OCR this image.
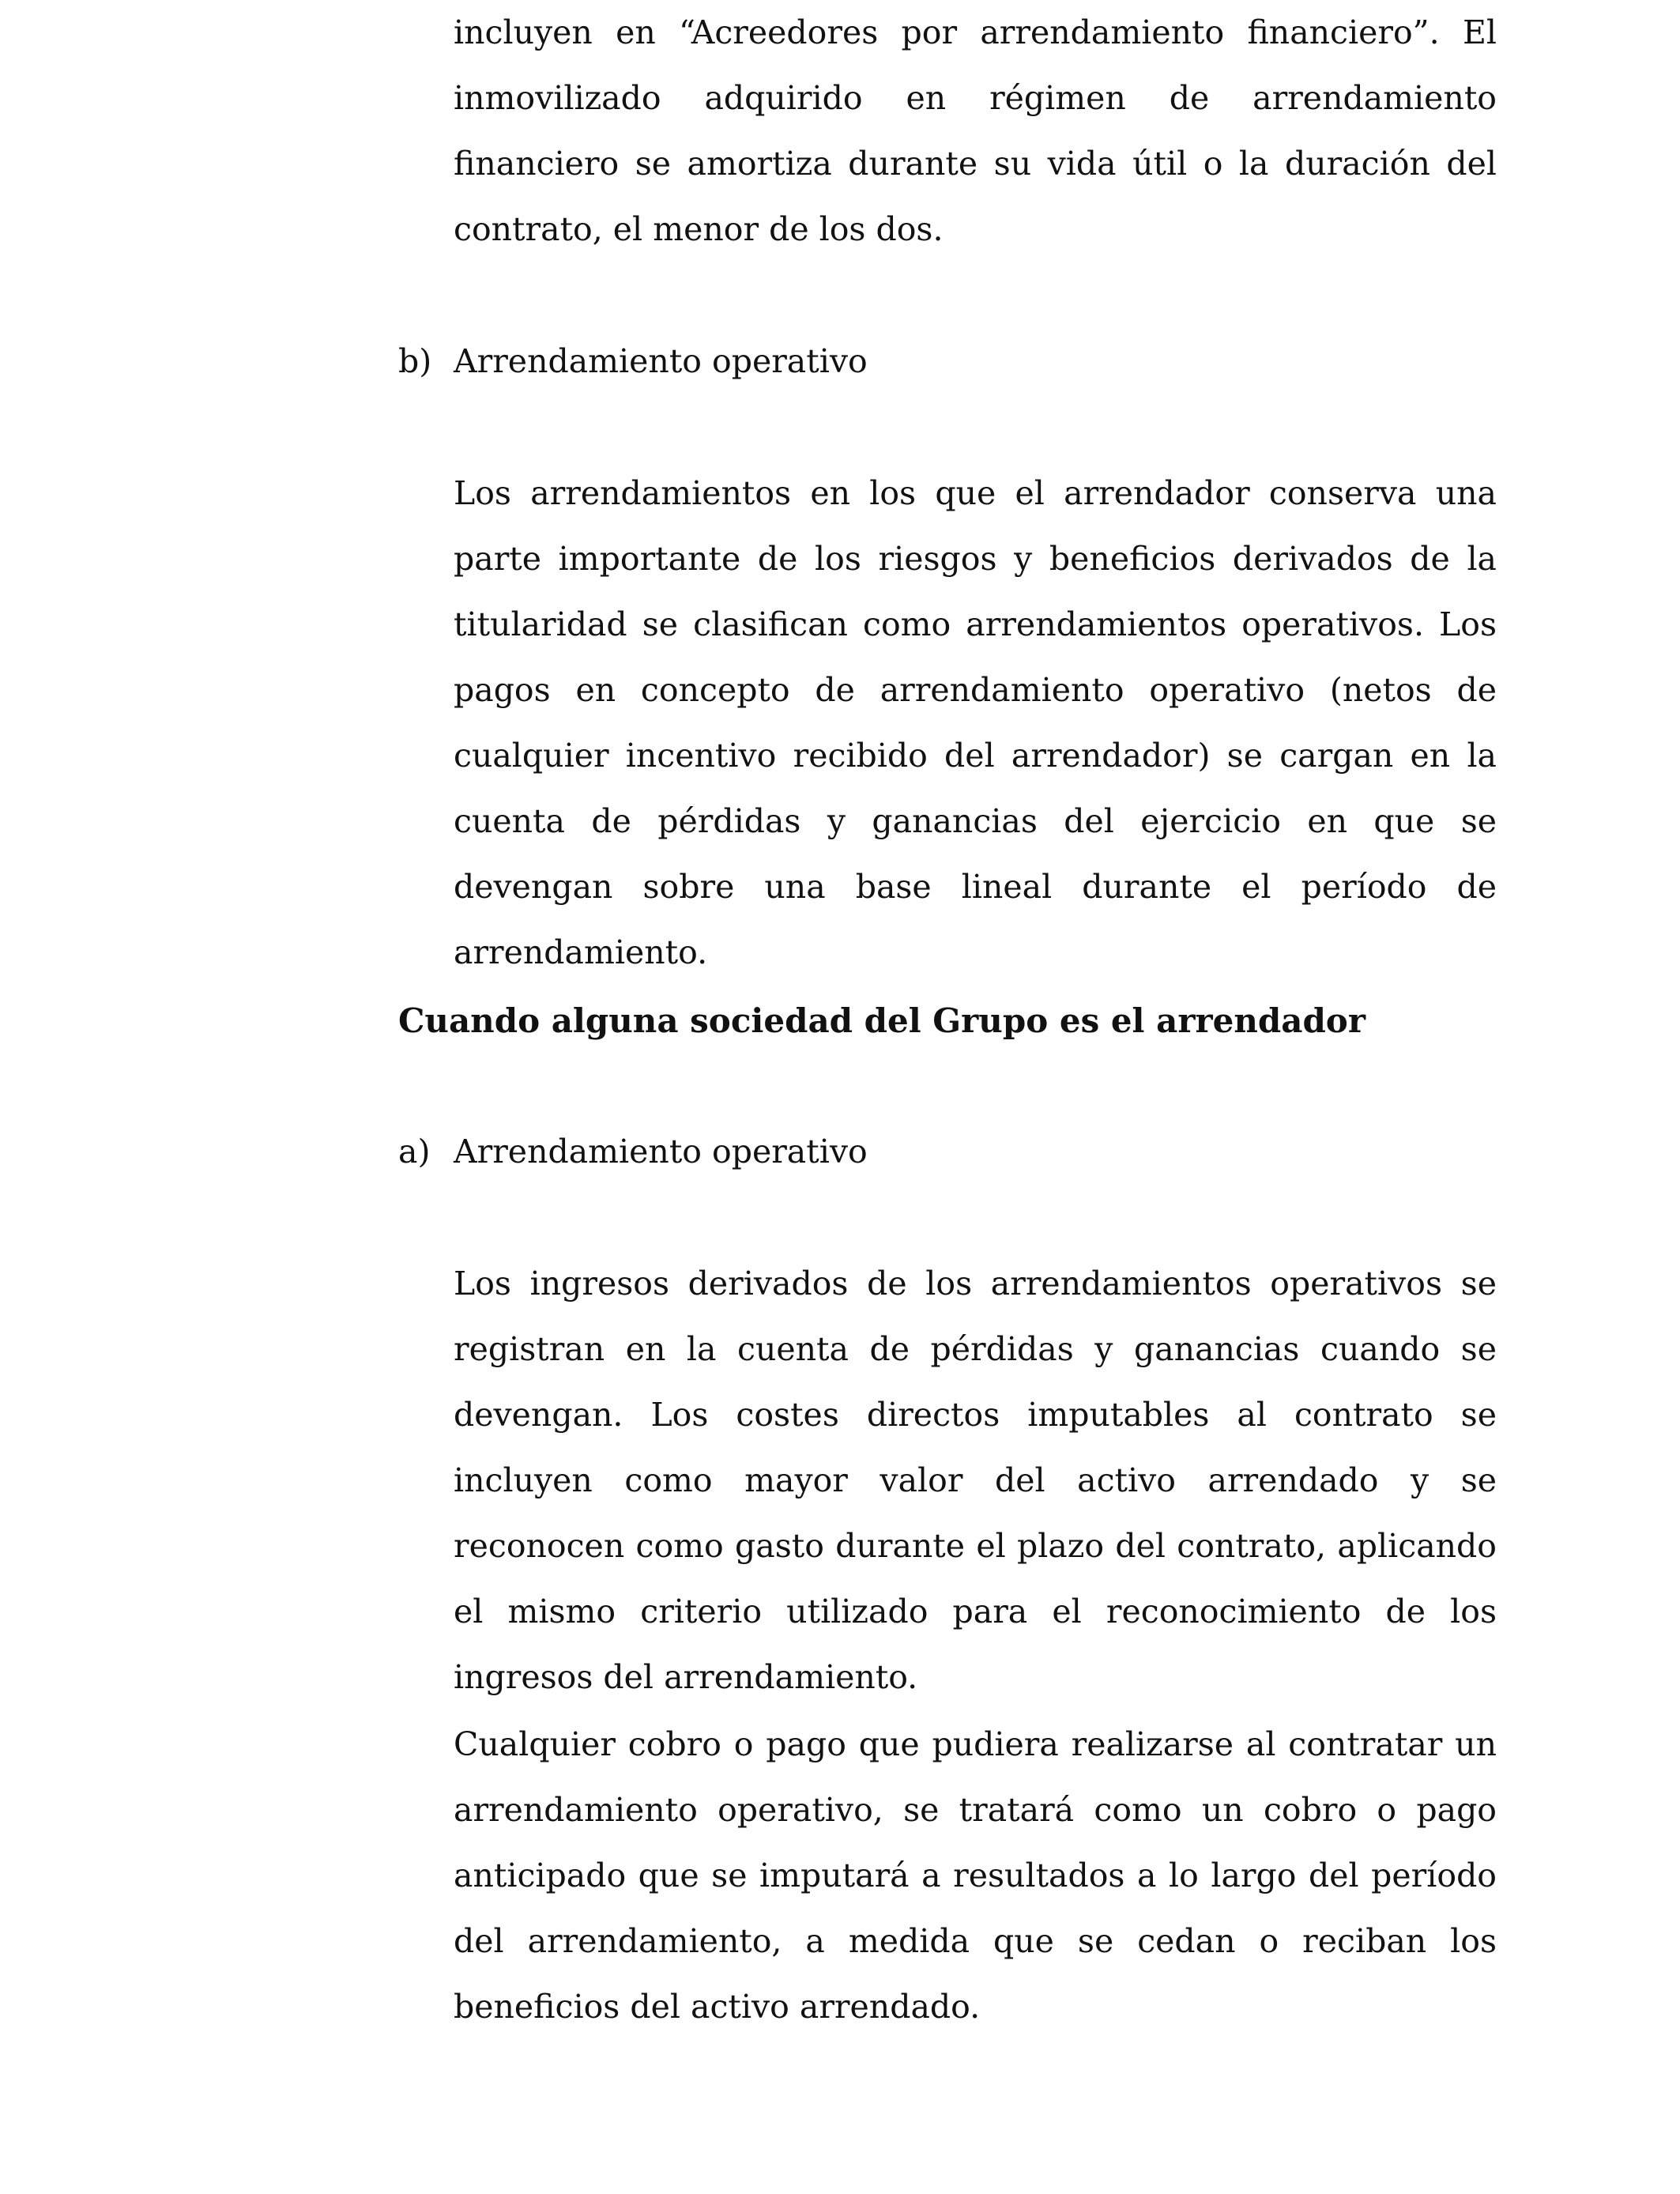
incluyen en “Acreedores por arrendamiento financiero”. El inmovilizado adquirido en régimen de arrendamiento financiero se amortiza durante su vida útil o la duración del contrato, el menor de los dos.

b) Arrendamiento operativo

Los arrendamientos en los que el arrendador conserva una parte importante de los riesgos y beneficios derivados de la titularidad se clasifican como arrendamientos operativos. Los pagos en concepto de arrendamiento operativo (netos de cualquier incentivo recibido del arrendador) se cargan en la cuenta de pérdidas y ganancias del ejercicio en que se devengan sobre una base lineal durante el período de arrendamiento.

Cuando alguna sociedad del Grupo es el arrendador

a) Arrendamiento operativo

Los ingresos derivados de los arrendamientos operativos se registran en la cuenta de pérdidas y ganancias cuando se devengan. Los costes directos imputables al contrato se incluyen como mayor valor del activo arrendado y se reconocen como gasto durante el plazo del contrato, aplicando el mismo criterio utilizado para el reconocimiento de los ingresos del arrendamiento.

Cualquier cobro o pago que pudiera realizarse al contratar un arrendamiento operativo, se tratará como un cobro o pago anticipado que se imputará a resultados a lo largo del período del arrendamiento, a medida que se cedan o reciban los beneficios del activo arrendado.
